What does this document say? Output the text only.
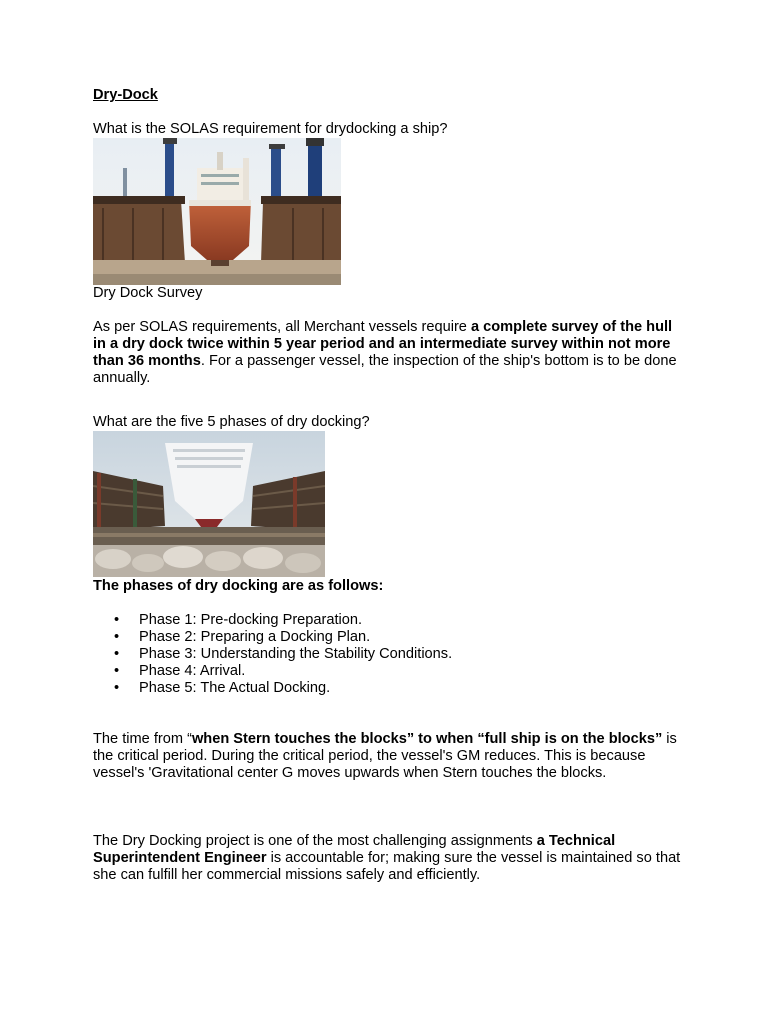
Dry-Dock

What is the SOLAS requirement for drydocking a ship?

Dry Dock Survey

As per SOLAS requirements, all Merchant vessels require a complete survey of the hull in a dry dock twice within 5 year period and an intermediate survey within not more than 36 months. For a passenger vessel, the inspection of the ship's bottom is to be done annually.

What are the five 5 phases of dry docking?

The phases of dry docking are as follows:

• Phase 1: Pre-docking Preparation.
• Phase 2: Preparing a Docking Plan.
• Phase 3: Understanding the Stability Conditions.
• Phase 4: Arrival.
• Phase 5: The Actual Docking.

The time from “when Stern touches the blocks” to when “full ship is on the blocks” is the critical period. During the critical period, the vessel's GM reduces. This is because vessel's 'Gravitational center G moves upwards when Stern touches the blocks.

The Dry Docking project is one of the most challenging assignments a Technical Superintendent Engineer is accountable for; making sure the vessel is maintained so that she can fulfill her commercial missions safely and efficiently.
